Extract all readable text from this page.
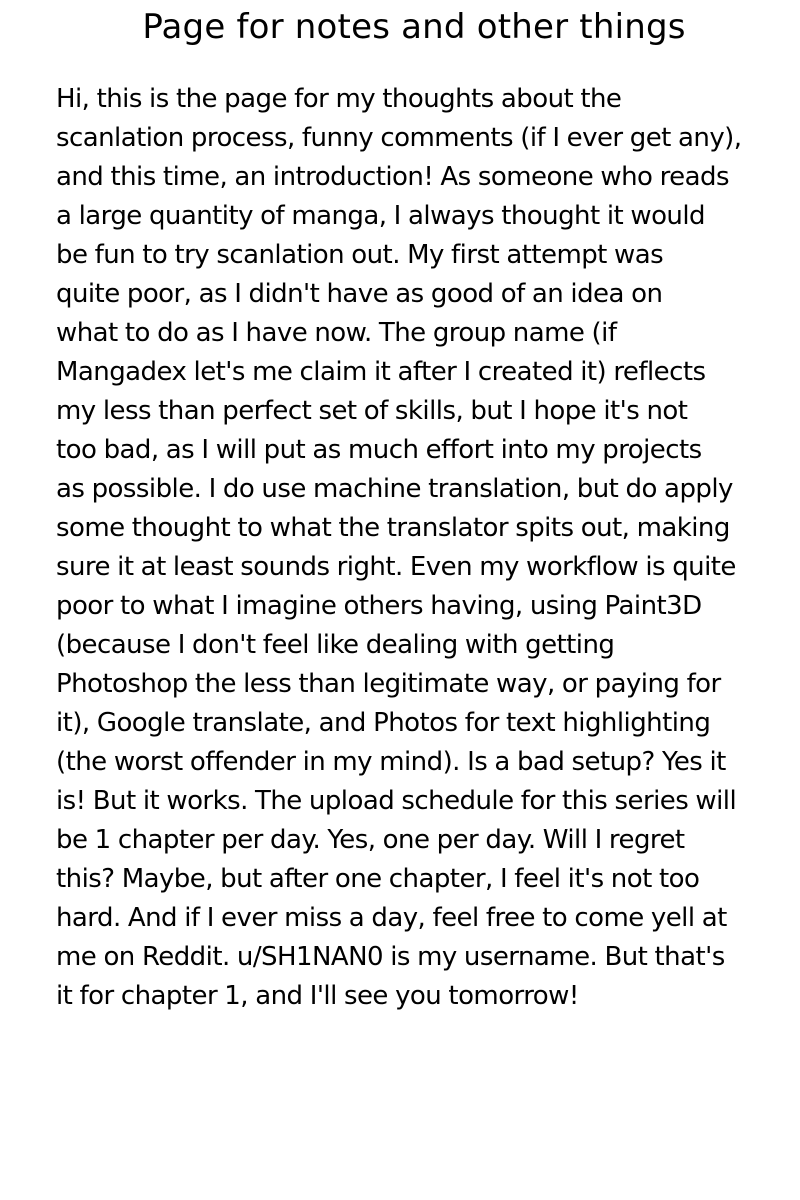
Page for notes and other things
Hi, this is the page for my thoughts about the
scanlation process, funny comments (if I ever get any),
and this time, an introduction! As someone who reads
a large quantity of manga, I always thought it would
be fun to try scanlation out. My first attempt was
quite poor, as I didn't have as good of an idea on
what to do as I have now. The group name (if
Mangadex let's me claim it after I created it) reflects
my less than perfect set of skills, but I hope it's not
too bad, as I will put as much effort into my projects
as possible. I do use machine translation, but do apply
some thought to what the translator spits out, making
sure it at least sounds right. Even my workflow is quite
poor to what I imagine others having, using Paint3D
(because I don't feel like dealing with getting
Photoshop the less than legitimate way, or paying for
it), Google translate, and Photos for text highlighting
(the worst offender in my mind). Is a bad setup? Yes it
is! But it works. The upload schedule for this series will
be 1 chapter per day. Yes, one per day. Will I regret
this? Maybe, but after one chapter, I feel it's not too
hard. And if I ever miss a day, feel free to come yell at
me on Reddit. u/SH1NAN0 is my username. But that's
it for chapter 1, and I'll see you tomorrow!
